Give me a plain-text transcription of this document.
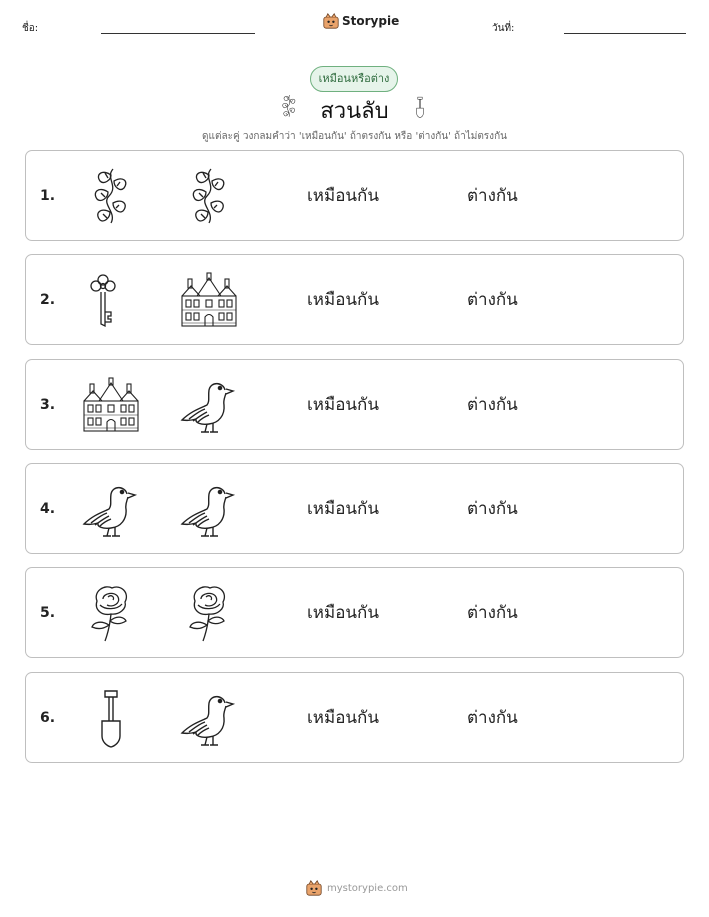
ชื่อ:
Storypie
วันที่:
เหมือนหรือต่าง
สวนลับ
ดูแต่ละคู่ วงกลมคำว่า 'เหมือนกัน' ถ้าตรงกัน หรือ 'ต่างกัน' ถ้าไม่ตรงกัน
1.	เหมือนกัน	ต่างกัน
2.	เหมือนกัน	ต่างกัน
3.	เหมือนกัน	ต่างกัน
4.	เหมือนกัน	ต่างกัน
5.	เหมือนกัน	ต่างกัน
6.	เหมือนกัน	ต่างกัน
mystorypie.com
